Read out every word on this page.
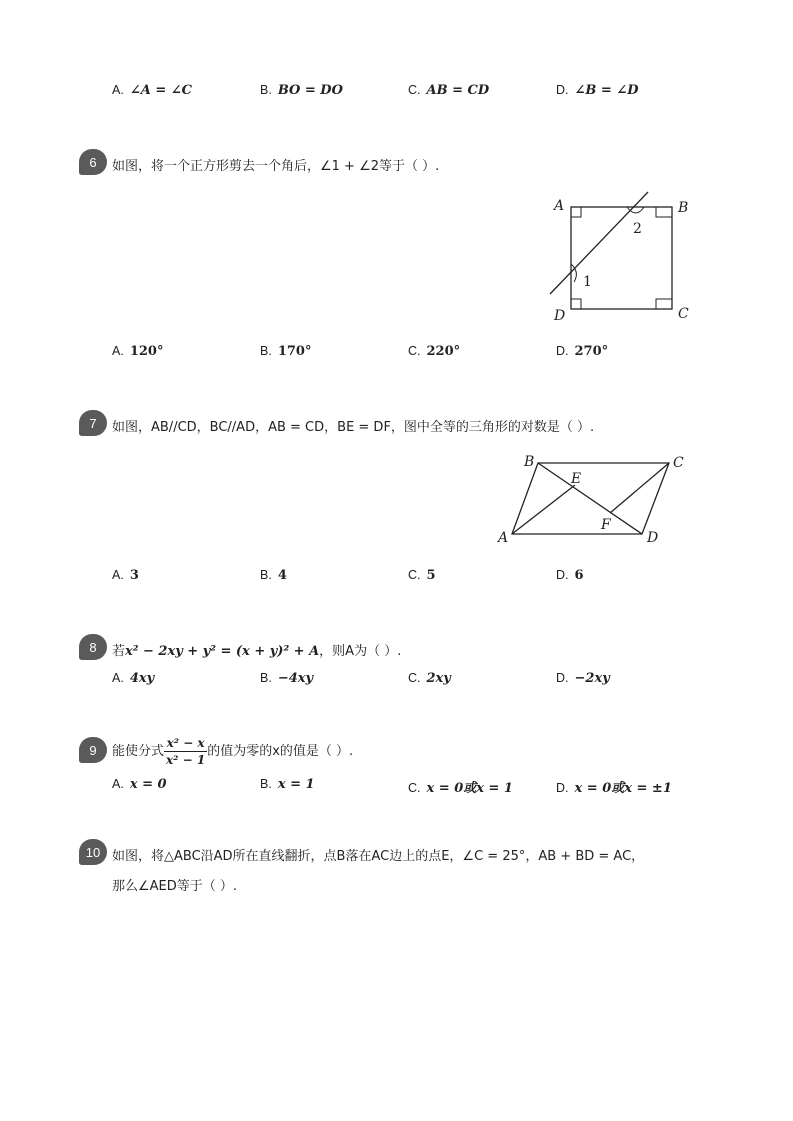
A. ∠A = ∠C	B. BO = DO	C. AB = CD	D. ∠B = ∠D
6 如图，将一个正方形剪去一个角后，∠1 + ∠2等于（ ）.
A	B
C
D
1
2
A. 120°	B. 170°	C. 220°	D. 270°
7 如图，AB//CD，BC//AD，AB = CD，BE = DF，图中全等的三角形的对数是（ ）.
B	C
A	D
E
F
A. 3	B. 4	C. 5	D. 6
8 若x² − 2xy + y² = (x + y)² + A，则A为（ ）.
A. 4xy	B. −4xy	C. 2xy	D. −2xy
9 能使分式 $\frac{\text{x² − x}}{\text{x² − 1}}$ 的值为零的x的值是（ ）.
A. x = 0	B. x = 1	C. x = 0或x = 1	D. x = 0或x = ±1
10 如图，将△ABC沿AD所在直线翻折，点B落在AC边上的点E，∠C = 25°，AB + BD = AC，
那么∠AED等于（ ）.
